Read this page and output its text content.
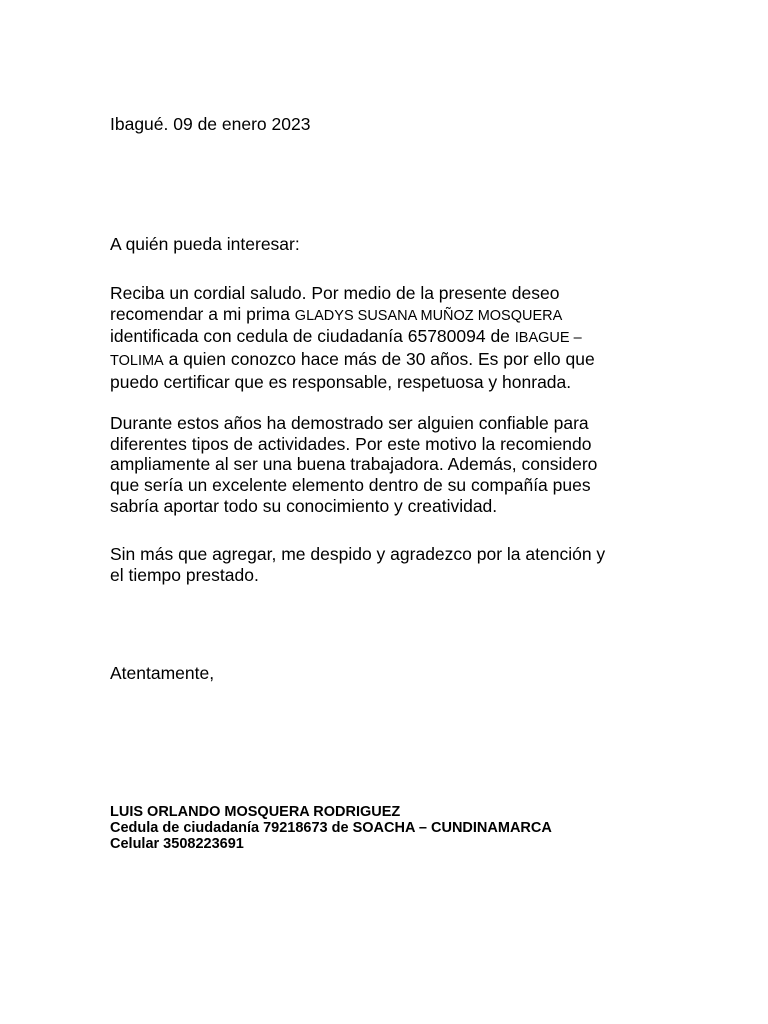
Ibagué. 09 de enero 2023

A quién pueda interesar:

Reciba un cordial saludo. Por medio de la presente deseo
recomendar a mi prima GLADYS SUSANA MUÑOZ MOSQUERA
identificada con cedula de ciudadanía 65780094 de IBAGUE –
TOLIMA a quien conozco hace más de 30 años. Es por ello que
puedo certificar que es responsable, respetuosa y honrada.
Durante estos años ha demostrado ser alguien confiable para
diferentes tipos de actividades. Por este motivo la recomiendo
ampliamente al ser una buena trabajadora. Además, considero
que sería un excelente elemento dentro de su compañía pues
sabría aportar todo su conocimiento y creatividad.
Sin más que agregar, me despido y agradezco por la atención y
el tiempo prestado.

Atentamente,

LUIS ORLANDO MOSQUERA RODRIGUEZ
Cedula de ciudadanía 79218673 de SOACHA – CUNDINAMARCA
Celular 3508223691
